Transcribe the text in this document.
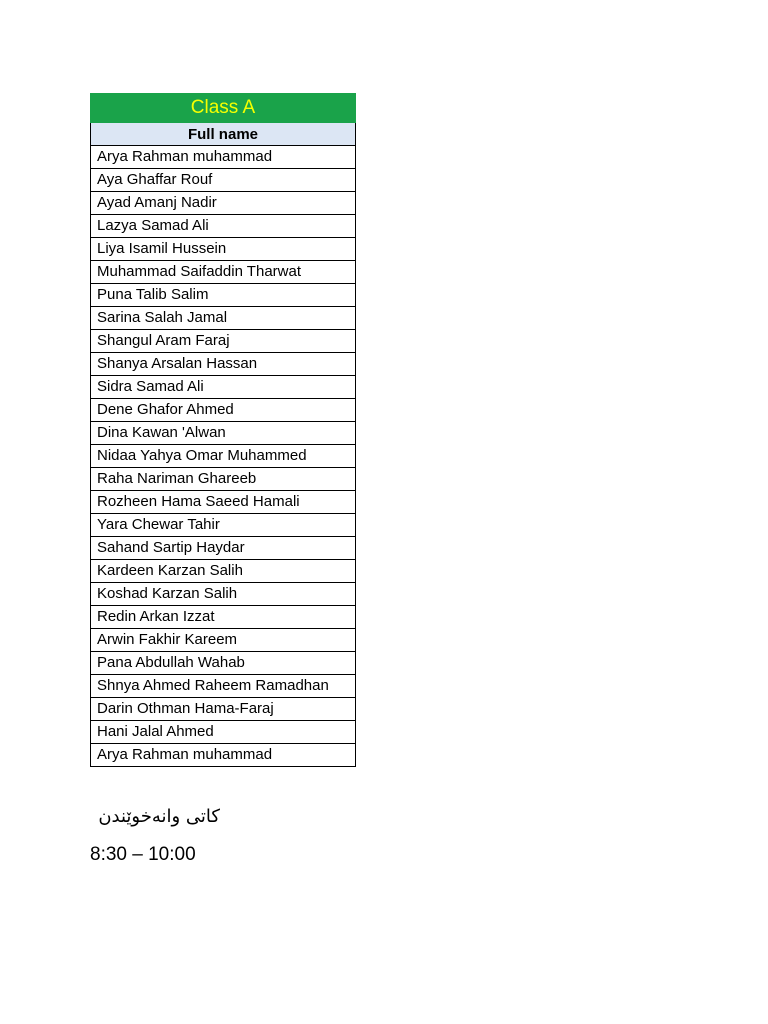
Class A
Full name
Arya Rahman muhammad
Aya Ghaffar Rouf
Ayad Amanj Nadir
Lazya Samad Ali
Liya Isamil Hussein
Muhammad Saifaddin Tharwat
Puna Talib Salim
Sarina Salah Jamal
Shangul Aram Faraj
Shanya Arsalan Hassan
Sidra Samad Ali
Dene Ghafor Ahmed
Dina Kawan 'Alwan
Nidaa Yahya Omar Muhammed
Raha Nariman Ghareeb
Rozheen Hama Saeed Hamali
Yara Chewar Tahir
Sahand Sartip Haydar
Kardeen Karzan Salih
Koshad Karzan Salih
Redin Arkan Izzat
Arwin Fakhir Kareem
Pana Abdullah Wahab
Shnya Ahmed Raheem Ramadhan
Darin Othman Hama-Faraj
Hani Jalal Ahmed
Arya Rahman muhammad
کاتی وانەخوێندن
8:30 – 10:00
